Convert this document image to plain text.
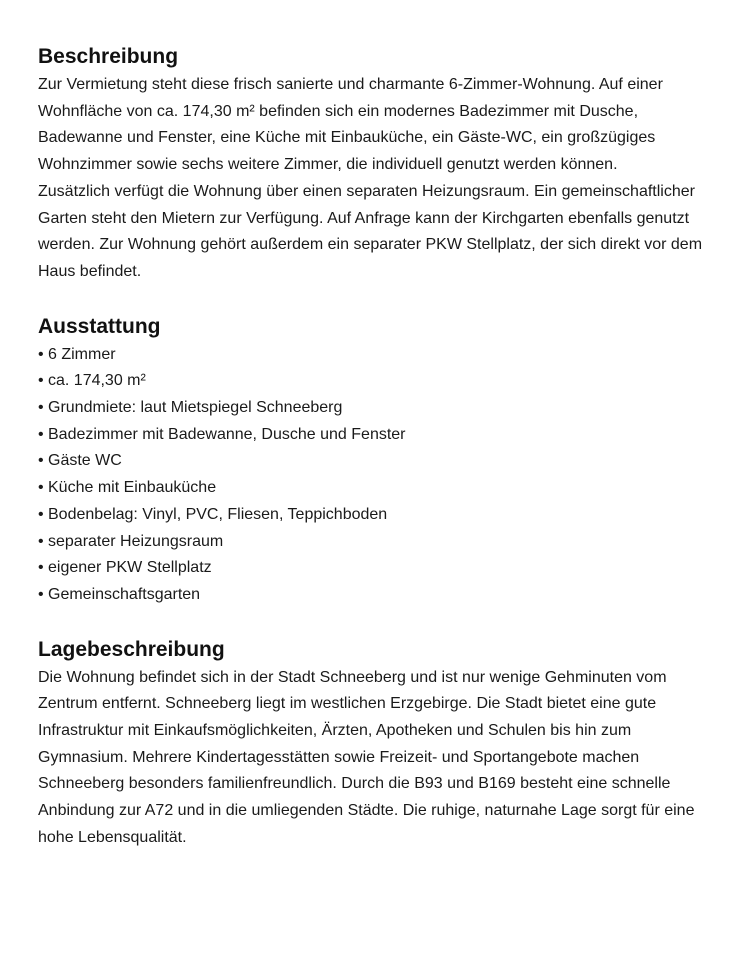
Beschreibung

Zur Vermietung steht diese frisch sanierte und charmante 6-Zimmer-Wohnung. Auf einer Wohnfläche von ca. 174,30 m² befinden sich ein modernes Badezimmer mit Dusche, Badewanne und Fenster, eine Küche mit Einbauküche, ein Gäste-WC, ein großzügiges Wohnzimmer sowie sechs weitere Zimmer, die individuell genutzt werden können.

Zusätzlich verfügt die Wohnung über einen separaten Heizungsraum. Ein gemeinschaftlicher Garten steht den Mietern zur Verfügung. Auf Anfrage kann der Kirchgarten ebenfalls genutzt werden. Zur Wohnung gehört außerdem ein separater PKW Stellplatz, der sich direkt vor dem Haus befindet.

Ausstattung
• 6 Zimmer
• ca. 174,30 m²
• Grundmiete: laut Mietspiegel Schneeberg
• Badezimmer mit Badewanne, Dusche und Fenster
• Gäste WC
• Küche mit Einbauküche
• Bodenbelag: Vinyl, PVC, Fliesen, Teppichboden
• separater Heizungsraum
• eigener PKW Stellplatz
• Gemeinschaftsgarten
Lagebeschreibung

Die Wohnung befindet sich in der Stadt Schneeberg und ist nur wenige Gehminuten vom Zentrum entfernt. Schneeberg liegt im westlichen Erzgebirge. Die Stadt bietet eine gute Infrastruktur mit Einkaufsmöglichkeiten, Ärzten, Apotheken und Schulen bis hin zum Gymnasium. Mehrere Kindertagesstätten sowie Freizeit- und Sportangebote machen Schneeberg besonders familienfreundlich. Durch die B93 und B169 besteht eine schnelle Anbindung zur A72 und in die umliegenden Städte. Die ruhige, naturnahe Lage sorgt für eine hohe Lebensqualität.
